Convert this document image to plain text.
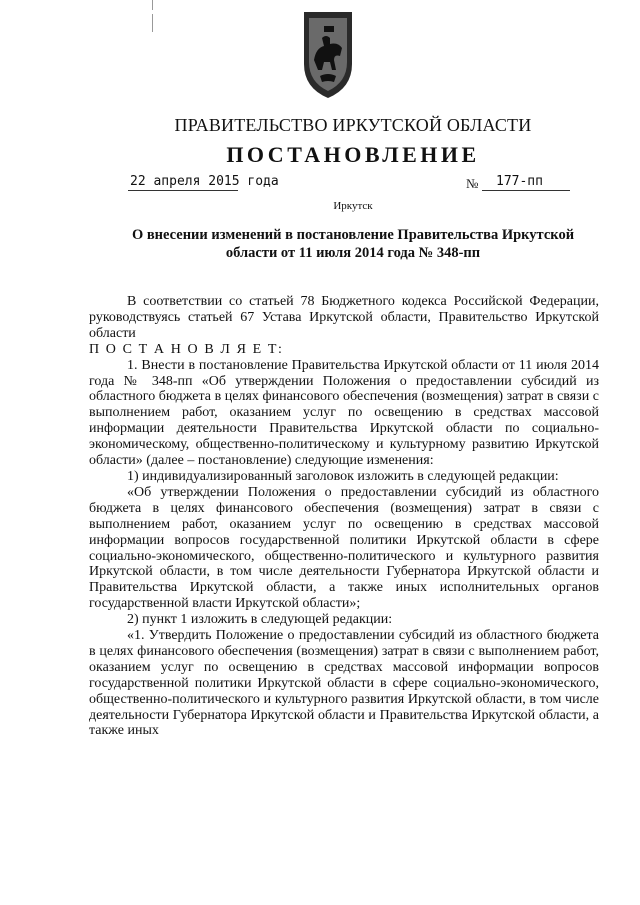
ПРАВИТЕЛЬСТВО ИРКУТСКОЙ ОБЛАСТИ
ПОСТАНОВЛЕНИЕ
22 апреля 2015 года	№ 177-пп
Иркутск
О внесении изменений в постановление Правительства Иркутской области от 11 июля 2014 года № 348-пп

В соответствии со статьей 78 Бюджетного кодекса Российской Федерации, руководствуясь статьей 67 Устава Иркутской области, Правительство Иркутской области

П О С Т А Н О В Л Я Е Т:

1. Внести в постановление Правительства Иркутской области от 11 июля 2014 года № 348-пп «Об утверждении Положения о предоставлении субсидий из областного бюджета в целях финансового обеспечения (возмещения) затрат в связи с выполнением работ, оказанием услуг по освещению в средствах массовой информации деятельности Правительства Иркутской области по социально-экономическому, общественно-политическому и культурному развитию Иркутской области» (далее – постановление) следующие изменения:

1) индивидуализированный заголовок изложить в следующей редакции:

«Об утверждении Положения о предоставлении субсидий из областного бюджета в целях финансового обеспечения (возмещения) затрат в связи с выполнением работ, оказанием услуг по освещению в средствах массовой информации вопросов государственной политики Иркутской области в сфере социально-экономического, общественно-политического и культурного развития Иркутской области, в том числе деятельности Губернатора Иркутской области и Правительства Иркутской области, а также иных исполнительных органов государственной власти Иркутской области»;

2) пункт 1 изложить в следующей редакции:

«1. Утвердить Положение о предоставлении субсидий из областного бюджета в целях финансового обеспечения (возмещения) затрат в связи с выполнением работ, оказанием услуг по освещению в средствах массовой информации вопросов государственной политики Иркутской области в сфере социально-экономического, общественно-политического и культурного развития Иркутской области, в том числе деятельности Губернатора Иркутской области и Правительства Иркутской области, а также иных
